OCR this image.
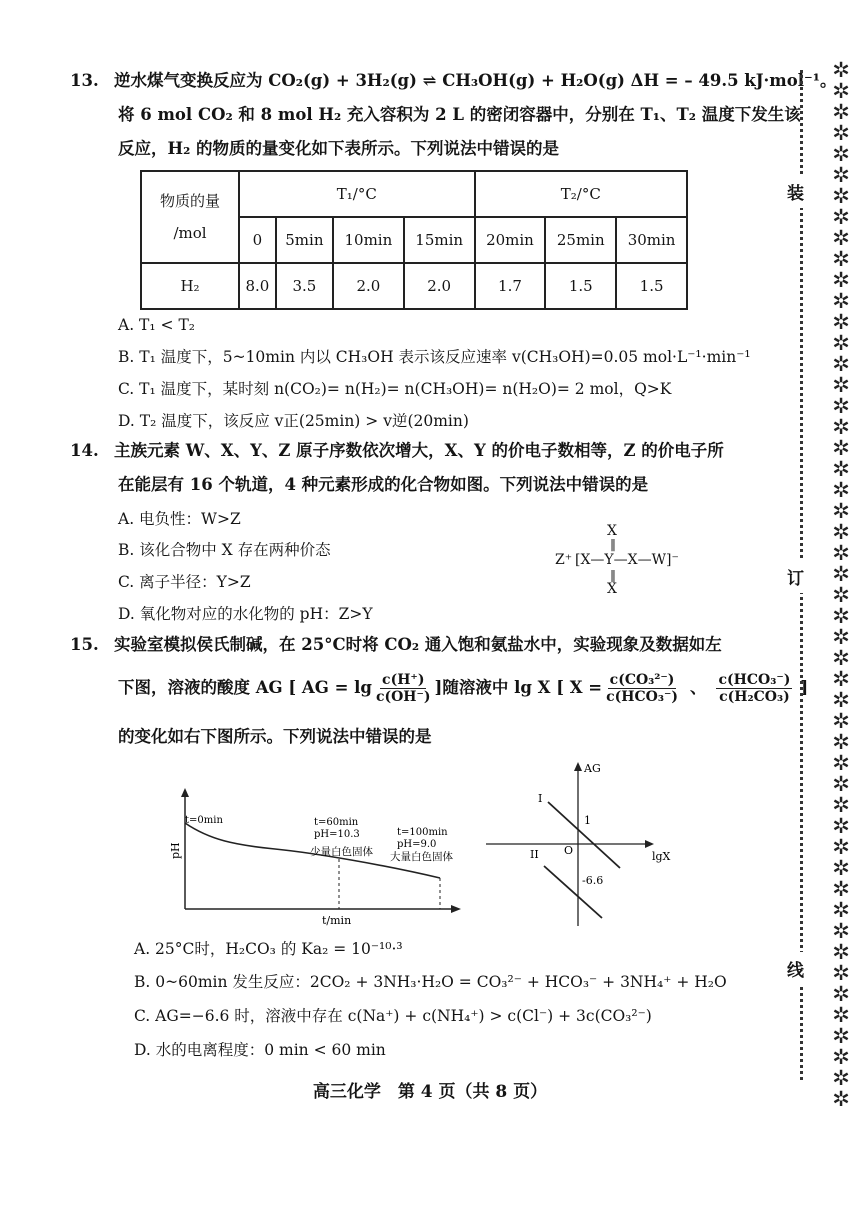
13. 逆水煤气变换反应为 CO₂(g) + 3H₂(g) ⇌ CH₃OH(g) + H₂O(g) ΔH = – 49.5 kJ·mol⁻¹。
将 6 mol CO₂ 和 8 mol H₂ 充入容积为 2 L 的密闭容器中，分别在 T₁、T₂ 温度下发生该
反应，H₂ 的物质的量变化如下表所示。下列说法中错误的是
物质的量
/mol	T₁/°C				T₂/°C		
	0	5min	10min	15min	20min	25min	30min
H₂	8.0	3.5	2.0	2.0	1.7	1.5	1.5
A. T₁ < T₂
B. T₁ 温度下，5~10min 内以 CH₃OH 表示该反应速率 v(CH₃OH)=0.05 mol·L⁻¹·min⁻¹
C. T₁ 温度下，某时刻 n(CO₂)= n(H₂)= n(CH₃OH)= n(H₂O)= 2 mol，Q>K
D. T₂ 温度下，该反应 v正(25min) > v逆(20min)
14. 主族元素 W、X、Y、Z 原子序数依次增大，X、Y 的价电子数相等，Z 的价电子所
在能层有 16 个轨道，4 种元素形成的化合物如图。下列说法中错误的是
A. 电负性：W>Z
B. 该化合物中 X 存在两种价态
C. 离子半径：Y>Z
D. 氧化物对应的水化物的 pH：Z>Y
X
‖
Z⁺ [X—Y—X—W]⁻
‖
X
15. 实验室模拟侯氏制碱，在 25°C时将 CO₂ 通入饱和氨盐水中，实验现象及数据如左
下图，溶液的酸度 AG [ AG = $\lg \frac{c(H^+)}{c(OH^-)}$ ]随溶液中 lg X [ $X = \frac{\text{c(CO₃²⁻)}}{\text{c(HCO₃⁻)}}$ 、 $\frac{\text{c(HCO₃⁻)}}{\text{c(H₂CO₃)}}$ ]
的变化如右下图所示。下列说法中错误的是
pH
t/min
t=0min	t=60min
pH=10.3
少量白色固体
t=100min
pH=9.0
大量白色固体
AG
lgX
O
I
II
1
-6.6
A. 25°C时，H₂CO₃ 的 Ka₂ = 10⁻¹⁰·³
B. 0~60min 发生反应：2CO₂ + 3NH₃·H₂O = CO₃²⁻ + HCO₃⁻ + 3NH₄⁺ + H₂O
C. AG=−6.6 时，溶液中存在 c(Na⁺) + c(NH₄⁺) > c(Cl⁻) + 3c(CO₃²⁻)
D. 水的电离程度：0 min < 60 min
✲✲✲✲✲✲✲✲✲✲✲✲✲✲✲✲✲✲✲✲✲✲✲✲✲✲✲✲✲✲✲✲✲✲✲✲✲✲✲✲✲✲✲✲✲✲✲✲✲✲
装
订
线
高三化学　第 4 页（共 8 页）
